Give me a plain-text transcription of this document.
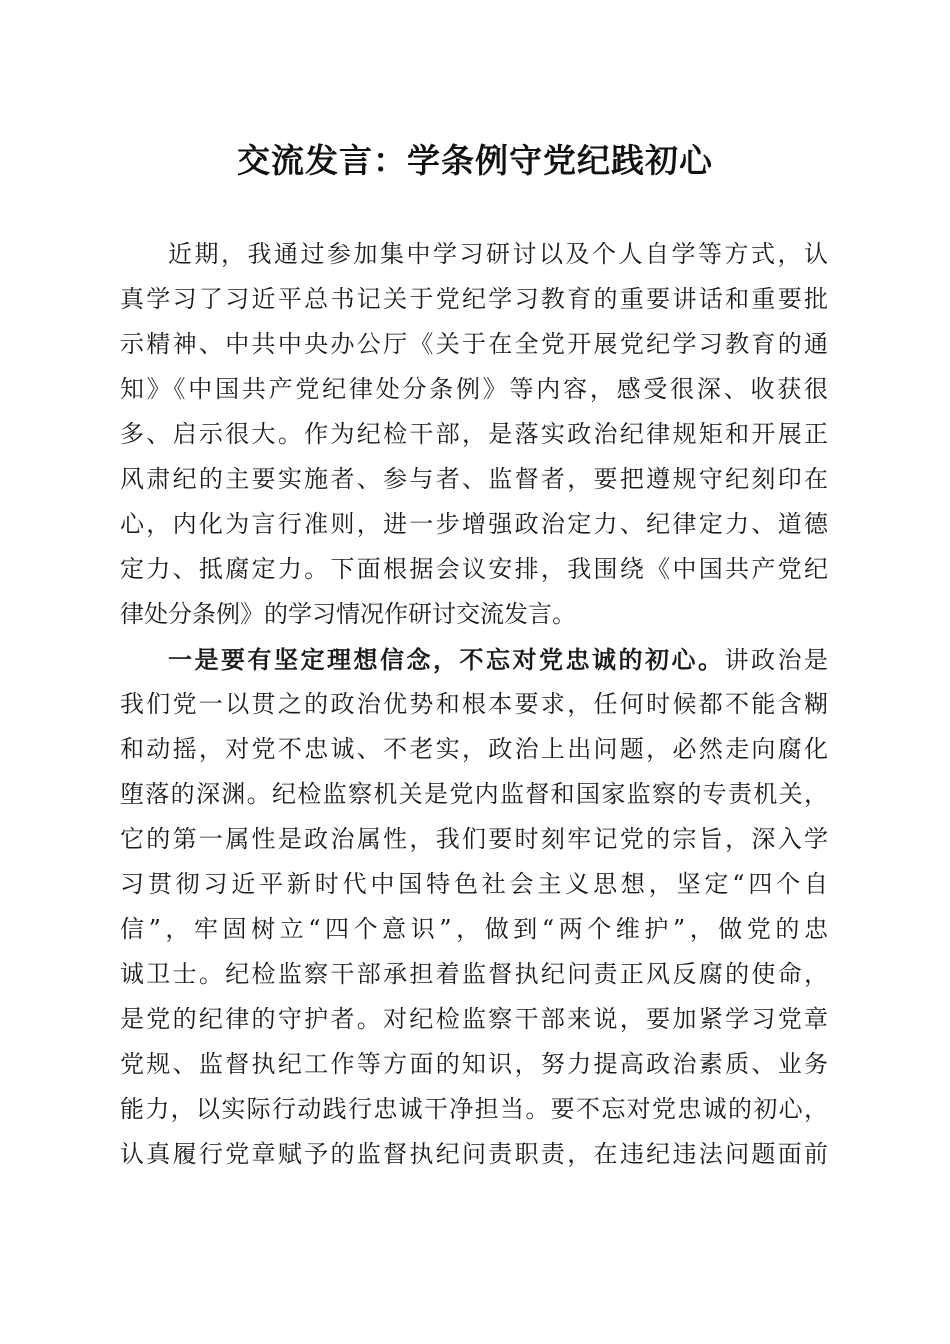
交流发言：学条例守党纪践初心
近期，我通过参加集中学习研讨以及个人自学等方式，认
真学习了习近平总书记关于党纪学习教育的重要讲话和重要批
示精神、中共中央办公厅《关于在全党开展党纪学习教育的通
知》《中国共产党纪律处分条例》等内容，感受很深、收获很
多、启示很大。作为纪检干部，是落实政治纪律规矩和开展正
风肃纪的主要实施者、参与者、监督者，要把遵规守纪刻印在
心，内化为言行准则，进一步增强政治定力、纪律定力、道德
定力、抵腐定力。下面根据会议安排，我围绕《中国共产党纪
律处分条例》的学习情况作研讨交流发言。
一是要有坚定理想信念，不忘对党忠诚的初心。讲政治是
我们党一以贯之的政治优势和根本要求，任何时候都不能含糊
和动摇，对党不忠诚、不老实，政治上出问题，必然走向腐化
堕落的深渊。纪检监察机关是党内监督和国家监察的专责机关，
它的第一属性是政治属性，我们要时刻牢记党的宗旨，深入学
习贯彻习近平新时代中国特色社会主义思想，坚定“四个自
信”，牢固树立“四个意识”，做到“两个维护”，做党的忠
诚卫士。纪检监察干部承担着监督执纪问责正风反腐的使命，
是党的纪律的守护者。对纪检监察干部来说，要加紧学习党章
党规、监督执纪工作等方面的知识，努力提高政治素质、业务
能力，以实际行动践行忠诚干净担当。要不忘对党忠诚的初心，
认真履行党章赋予的监督执纪问责职责，在违纪违法问题面前
